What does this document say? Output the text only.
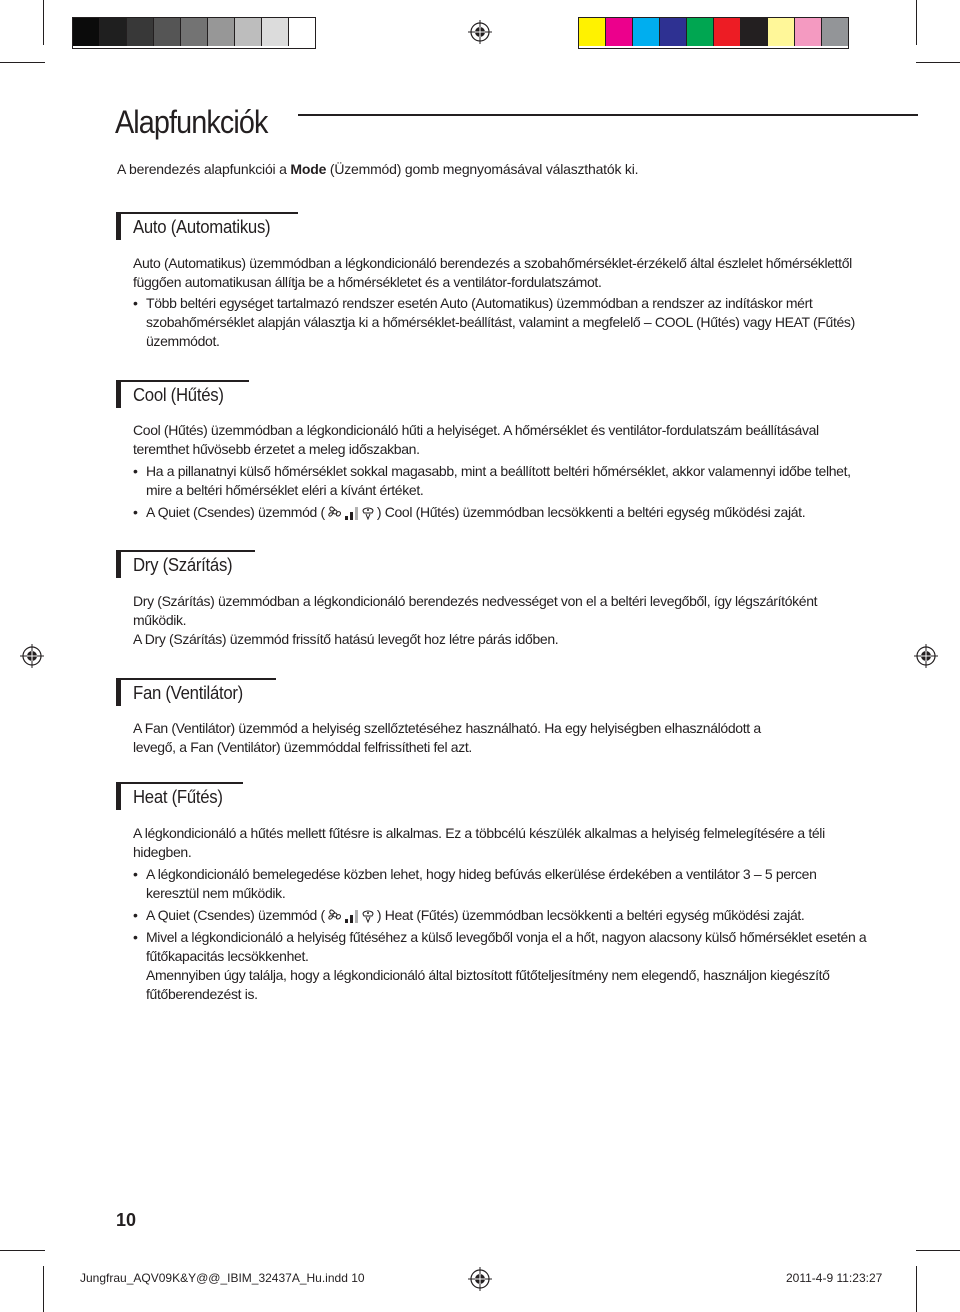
Alapfunkciók
A berendezés alapfunkciói a Mode (Üzemmód) gomb megnyomásával választhatók ki.
Auto (Automatikus)
Auto (Automatikus) üzemmódban a légkondicionáló berendezés a szobahőmérséklet-érzékelő által észlelet hőmérséklettől
függően automatikusan állítja be a hőmérsékletet és a ventilátor-fordulatszámot.
• Több beltéri egységet tartalmazó rendszer esetén Auto (Automatikus) üzemmódban a rendszer az indításkor mért
szobahőmérséklet alapján választja ki a hőmérséklet-beállítást, valamint a megfelelő – COOL (Hűtés) vagy HEAT (Fűtés)
üzemmódot.
Cool (Hűtés)
Cool (Hűtés) üzemmódban a légkondicionáló hűti a helyiséget. A hőmérséklet és ventilátor-fordulatszám beállításával
teremthet hűvösebb érzetet a meleg időszakban.
• Ha a pillanatnyi külső hőmérséklet sokkal magasabb, mint a beállított beltéri hőmérséklet, akkor valamennyi időbe telhet,
mire a beltéri hőmérséklet eléri a kívánt értéket.
• A Quiet (Csendes) üzemmód (	) Cool (Hűtés) üzemmódban lecsökkenti a beltéri egység működési zaját.
Dry (Szárítás)
Dry (Szárítás) üzemmódban a légkondicionáló berendezés nedvességet von el a beltéri levegőből, így légszárítóként
működik.
A Dry (Szárítás) üzemmód frissítő hatású levegőt hoz létre párás időben.
Fan (Ventilátor)
A Fan (Ventilátor) üzemmód a helyiség szellőztetéséhez használható. Ha egy helyiségben elhasználódott a
levegő, a Fan (Ventilátor) üzemmóddal felfrissítheti fel azt.
Heat (Fűtés)
A légkondicionáló a hűtés mellett fűtésre is alkalmas. Ez a többcélú készülék alkalmas a helyiség felmelegítésére a téli
hidegben.
• A légkondicionáló bemelegedése közben lehet, hogy hideg befúvás elkerülése érdekében a ventilátor 3 – 5 percen
keresztül nem működik.
• A Quiet (Csendes) üzemmód (	) Heat (Fűtés) üzemmódban lecsökkenti a beltéri egység működési zaját.
• Mivel a légkondicionáló a helyiség fűtéséhez a külső levegőből vonja el a hőt, nagyon alacsony külső hőmérséklet esetén a
fűtőkapacitás lecsökkenhet.
Amennyiben úgy találja, hogy a légkondicionáló által biztosított fűtőteljesítmény nem elegendő, használjon kiegészítő
fűtőberendezést is.
10
Jungfrau_AQV09K&Y@@_IBIM_32437A_Hu.indd 10	2011-4-9 11:23:27
